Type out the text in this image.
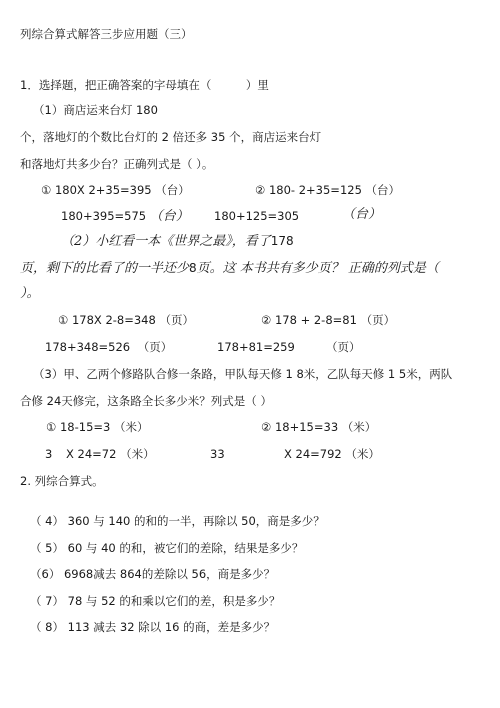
列综合算式解答三步应用题（三）
1．选择题，把正确答案的字母填在（　　　）里
（1）商店运来台灯 180
个，落地灯的个数比台灯的 2 倍还多 35 个，商店运来台灯
和落地灯共多少台？正确列式是（ ）。
① 180X 2+35=395 （台）	② 180- 2+35=125 （台）
180+395=575 （台） 180+125=305	（台）
（2）小红看一本《世界之最》，看了178
页，剩下的比看了的一半还少8页。这 本书共有多少页？ 正确的列式是（
）。
① 178X 2-8=348 （页）	② 178 + 2-8=81 （页）
178+348=526 （页）	178+81=259	（页）
（3）甲、乙两个修路队合修一条路，甲队每天修 1 8米，乙队每天修 1 5米，两队
合修 24天修完，这条路全长多少米？列式是（ ）
① 18-15=3 （米）	② 18+15=33 （米）
3 X 24=72 （米）	33	X 24=792 （米）
2. 列综合算式。
（ 4） 360 与 140 的和的一半，再除以 50，商是多少？
（ 5） 60 与 40 的和，被它们的差除，结果是多少？
（6） 6968减去 864的差除以 56，商是多少？
（ 7） 78 与 52 的和乘以它们的差，积是多少？
（ 8） 113 减去 32 除以 16 的商，差是多少？
